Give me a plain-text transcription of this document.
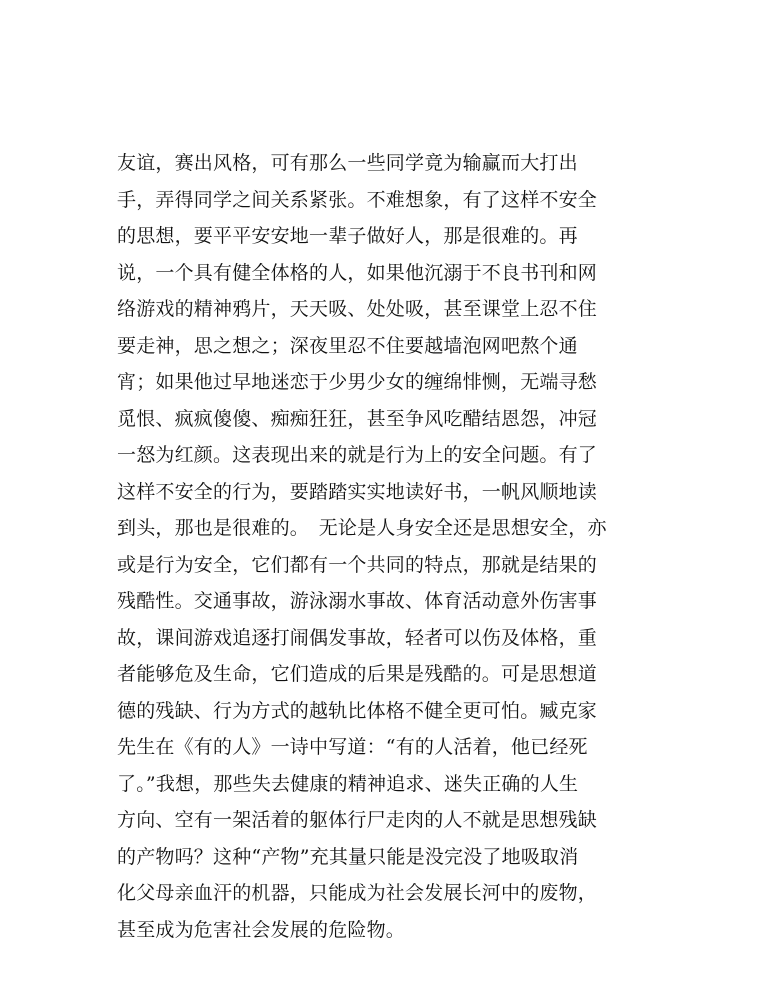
友谊，赛出风格，可有那么一些同学竟为输赢而大打出
手，弄得同学之间关系紧张。不难想象，有了这样不安全
的思想，要平平安安地一辈子做好人，那是很难的。再
说，一个具有健全体格的人，如果他沉溺于不良书刊和网
络游戏的精神鸦片，天天吸、处处吸，甚至课堂上忍不住
要走神，思之想之；深夜里忍不住要越墙泡网吧熬个通
宵；如果他过早地迷恋于少男少女的缠绵悱恻，无端寻愁
觅恨、疯疯傻傻、痴痴狂狂，甚至争风吃醋结恩怨，冲冠
一怒为红颜。这表现出来的就是行为上的安全问题。有了
这样不安全的行为，要踏踏实实地读好书，一帆风顺地读
到头，那也是很难的。　无论是人身安全还是思想安全，亦
或是行为安全，它们都有一个共同的特点，那就是结果的
残酷性。交通事故，游泳溺水事故、体育活动意外伤害事
故，课间游戏追逐打闹偶发事故，轻者可以伤及体格，重
者能够危及生命，它们造成的后果是残酷的。可是思想道
德的残缺、行为方式的越轨比体格不健全更可怕。臧克家
先生在《有的人》一诗中写道：“有的人活着，他已经死
了。”我想，那些失去健康的精神追求、迷失正确的人生
方向、空有一架活着的躯体行尸走肉的人不就是思想残缺
的产物吗？这种“产物”充其量只能是没完没了地吸取消
化父母亲血汗的机器，只能成为社会发展长河中的废物，
甚至成为危害社会发展的危险物。
